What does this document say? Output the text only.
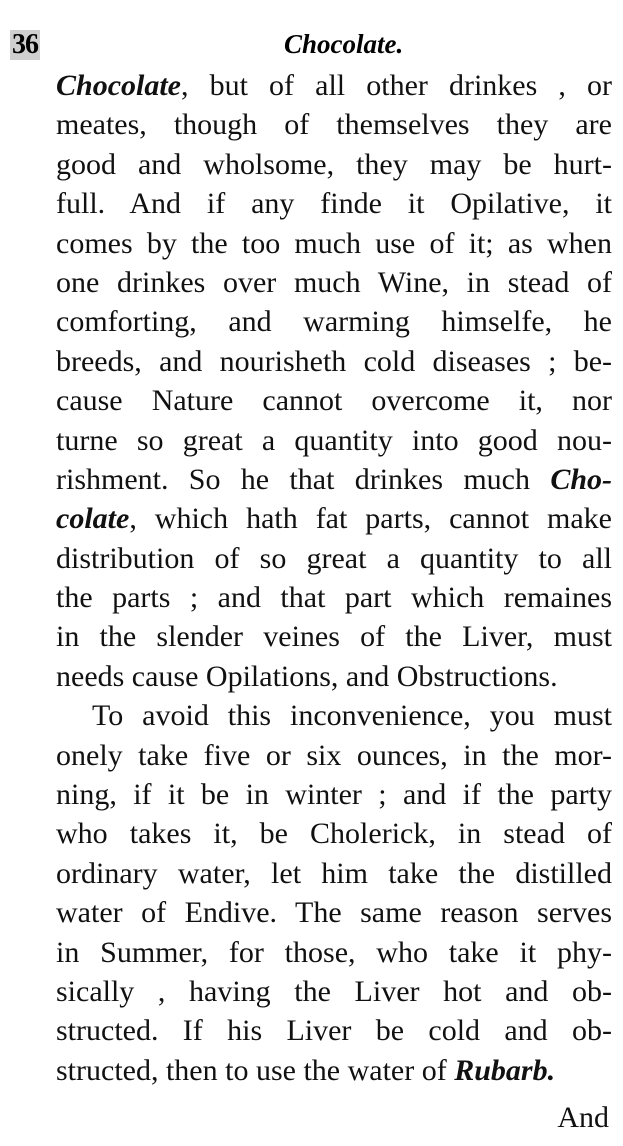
36	Chocolate.
Chocolate, but of all other drinkes , or
meates, though of themselves they are
good and wholsome, they may be hurt-
full. And if any finde it Opilative, it
comes by the too much use of it; as when
one drinkes over much Wine, in stead of
comforting, and warming himselfe, he
breeds, and nourisheth cold diseases ; be-
cause Nature cannot overcome it, nor
turne so great a quantity into good nou-
rishment. So he that drinkes much Cho-
colate, which hath fat parts, cannot make
distribution of so great a quantity to all
the parts ; and that part which remaines
in the slender veines of the Liver, must
needs cause Opilations, and Obstructions.
To avoid this inconvenience, you must
onely take five or six ounces, in the mor-
ning, if it be in winter ; and if the party
who takes it, be Cholerick, in stead of
ordinary water, let him take the distilled
water of Endive. The same reason serves
in Summer, for those, who take it phy-
sically , having the Liver hot and ob-
structed. If his Liver be cold and ob-
structed, then to use the water of Rubarb.
And
